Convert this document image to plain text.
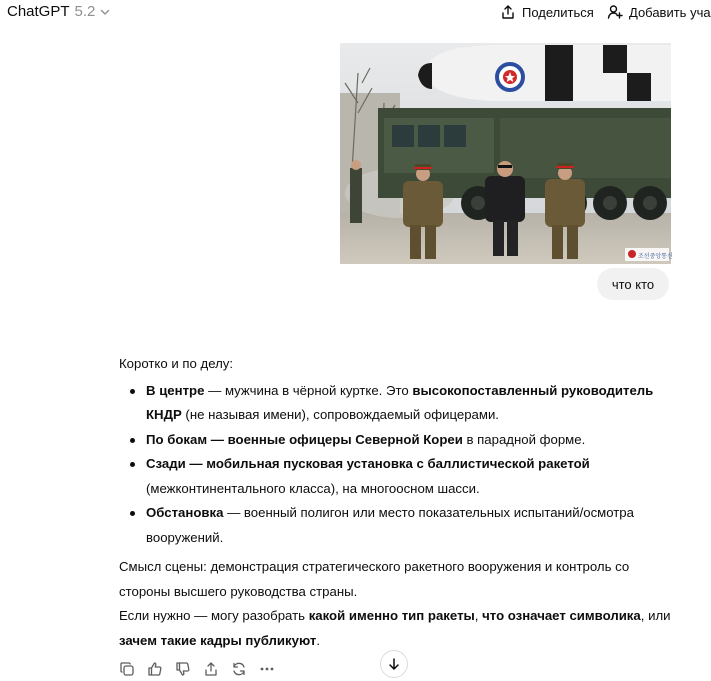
ChatGPT 5.2	Поделиться	Добавить уча
조선중앙통신
что кто

Коротко и по делу:

В центре — мужчина в чёрной куртке. Это высокопоставленный руководитель КНДР (не называя имени), сопровождаемый офицерами.
По бокам — военные офицеры Северной Кореи в парадной форме.
Сзади — мобильная пусковая установка с баллистической ракетой (межконтинентального класса), на многоосном шасси.
Обстановка — военный полигон или место показательных испытаний/осмотра вооружений.

Смысл сцены: демонстрация стратегического ракетного вооружения и контроль со стороны высшего руководства страны.

Если нужно — могу разобрать какой именно тип ракеты, что означает символика, или зачем такие кадры публикуют.
